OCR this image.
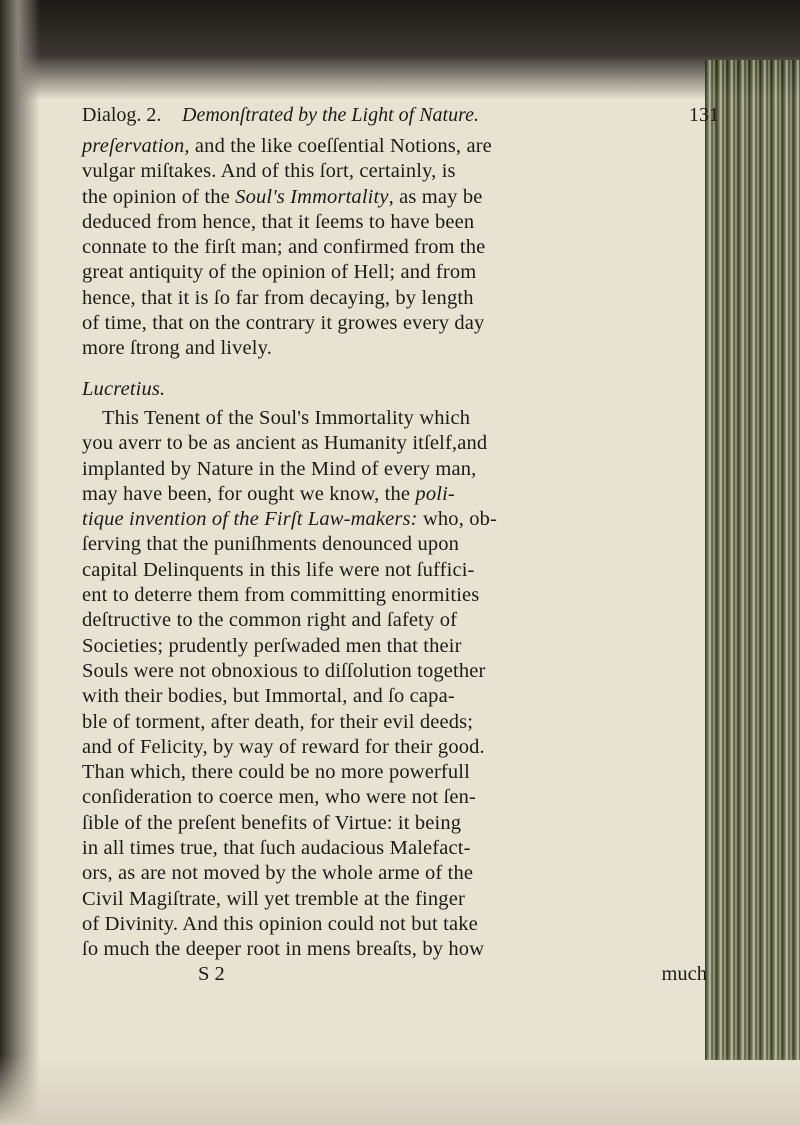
Dialog. 2. Demonſtrated by the Light of Nature.	131
preſervation, and the like coeſſential Notions, are
vulgar miſtakes. And of this ſort, certainly, is
the opinion of the Soul's Immortality, as may be
deduced from hence, that it ſeems to have been
connate to the firſt man; and confirmed from the
great antiquity of the opinion of Hell; and from
hence, that it is ſo far from decaying, by length
of time, that on the contrary it growes every day
more ſtrong and lively.
Lucretius.
This Tenent of the Soul's Immortality which
you averr to be as ancient as Humanity itſelf,and
implanted by Nature in the Mind of every man,
may have been, for ought we know, the poli-
tique invention of the Firſt Law-makers: who, ob-
ſerving that the puniſhments denounced upon
capital Delinquents in this life were not ſuffici-
ent to deterre them from committing enormities
deſtructive to the common right and ſafety of
Societies; prudently perſwaded men that their
Souls were not obnoxious to diſſolution together
with their bodies, but Immortal, and ſo capa-
ble of torment, after death, for their evil deeds;
and of Felicity, by way of reward for their good.
Than which, there could be no more powerfull
conſideration to coerce men, who were not ſen-
ſible of the preſent benefits of Virtue: it being
in all times true, that ſuch audacious Malefact-
ors, as are not moved by the whole arme of the
Civil Magiſtrate, will yet tremble at the finger
of Divinity. And this opinion could not but take
ſo much the deeper root in mens breaſts, by how
S 2	much
